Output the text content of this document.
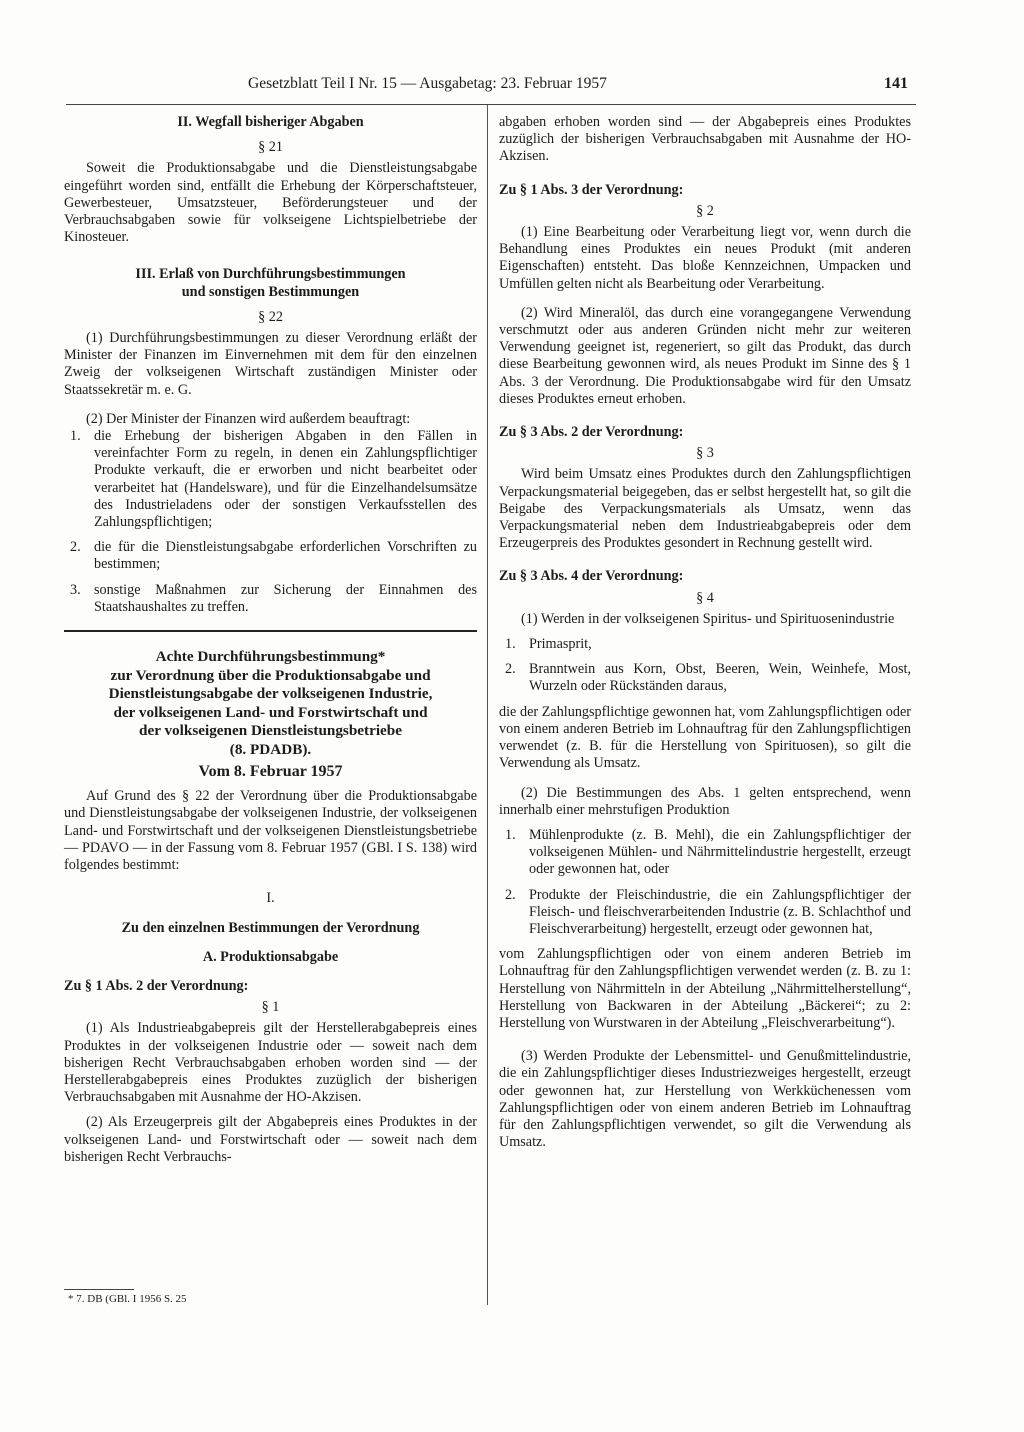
Gesetzblatt Teil I Nr. 15 — Ausgabetag: 23. Februar 1957	141

II. Wegfall bisheriger Abgaben

§ 21

Soweit die Produktionsabgabe und die Dienstleistungsabgabe eingeführt worden sind, entfällt die Erhebung der Körperschaftsteuer, Gewerbesteuer, Umsatzsteuer, Beförderungsteuer und der Verbrauchsabgaben sowie für volkseigene Lichtspielbetriebe der Kinosteuer.

III. Erlaß von Durchführungsbestimmungen

und sonstigen Bestimmungen

§ 22

(1) Durchführungsbestimmungen zu dieser Verordnung erläßt der Minister der Finanzen im Einvernehmen mit dem für den einzelnen Zweig der volkseigenen Wirtschaft zuständigen Minister oder Staatssekretär m. e. G.

(2) Der Minister der Finanzen wird außerdem beauftragt:

1. die Erhebung der bisherigen Abgaben in den Fällen in vereinfachter Form zu regeln, in denen ein Zahlungspflichtiger Produkte verkauft, die er erworben und nicht bearbeitet oder verarbeitet hat (Handelsware), und für die Einzelhandelsumsätze des Industrieladens oder der sonstigen Verkaufsstellen des Zahlungspflichtigen;
2. die für die Dienstleistungsabgabe erforderlichen Vorschriften zu bestimmen;
3. sonstige Maßnahmen zur Sicherung der Einnahmen des Staatshaushaltes zu treffen.

Achte Durchführungsbestimmung*

zur Verordnung über die Produktionsabgabe und

Dienstleistungsabgabe der volkseigenen Industrie,

der volkseigenen Land- und Forstwirtschaft und

der volkseigenen Dienstleistungsbetriebe

(8. PDADB).

Vom 8. Februar 1957

Auf Grund des § 22 der Verordnung über die Produktionsabgabe und Dienstleistungsabgabe der volkseigenen Industrie, der volkseigenen Land- und Forstwirtschaft und der volkseigenen Dienstleistungsbetriebe — PDAVO — in der Fassung vom 8. Februar 1957 (GBl. I S. 138) wird folgendes bestimmt:

I.

Zu den einzelnen Bestimmungen der Verordnung

A. Produktionsabgabe

Zu § 1 Abs. 2 der Verordnung:

§ 1

(1) Als Industrieabgabepreis gilt der Herstellerabgabepreis eines Produktes in der volkseigenen Industrie oder — soweit nach dem bisherigen Recht Verbrauchsabgaben erhoben worden sind — der Herstellerabgabepreis eines Produktes zuzüglich der bisherigen Verbrauchsabgaben mit Ausnahme der HO-Akzisen.

(2) Als Erzeugerpreis gilt der Abgabepreis eines Produktes in der volkseigenen Land- und Forstwirtschaft oder — soweit nach dem bisherigen Recht Verbrauchs-

* 7. DB (GBl. I 1956 S. 25

abgaben erhoben worden sind — der Abgabepreis eines Produktes zuzüglich der bisherigen Verbrauchsabgaben mit Ausnahme der HO-Akzisen.

Zu § 1 Abs. 3 der Verordnung:

§ 2

(1) Eine Bearbeitung oder Verarbeitung liegt vor, wenn durch die Behandlung eines Produktes ein neues Produkt (mit anderen Eigenschaften) entsteht. Das bloße Kennzeichnen, Umpacken und Umfüllen gelten nicht als Bearbeitung oder Verarbeitung.

(2) Wird Mineralöl, das durch eine vorangegangene Verwendung verschmutzt oder aus anderen Gründen nicht mehr zur weiteren Verwendung geeignet ist, regeneriert, so gilt das Produkt, das durch diese Bearbeitung gewonnen wird, als neues Produkt im Sinne des § 1 Abs. 3 der Verordnung. Die Produktionsabgabe wird für den Umsatz dieses Produktes erneut erhoben.

Zu § 3 Abs. 2 der Verordnung:

§ 3

Wird beim Umsatz eines Produktes durch den Zahlungspflichtigen Verpackungsmaterial beigegeben, das er selbst hergestellt hat, so gilt die Beigabe des Verpackungsmaterials als Umsatz, wenn das Verpackungsmaterial neben dem Industrieabgabepreis oder dem Erzeugerpreis des Produktes gesondert in Rechnung gestellt wird.

Zu § 3 Abs. 4 der Verordnung:

§ 4

(1) Werden in der volkseigenen Spiritus- und Spirituosenindustrie

1. Primasprit,
2. Branntwein aus Korn, Obst, Beeren, Wein, Weinhefe, Most, Wurzeln oder Rückständen daraus,

die der Zahlungspflichtige gewonnen hat, vom Zahlungspflichtigen oder von einem anderen Betrieb im Lohnauftrag für den Zahlungspflichtigen verwendet (z. B. für die Herstellung von Spirituosen), so gilt die Verwendung als Umsatz.

(2) Die Bestimmungen des Abs. 1 gelten entsprechend, wenn innerhalb einer mehrstufigen Produktion

1. Mühlenprodukte (z. B. Mehl), die ein Zahlungspflichtiger der volkseigenen Mühlen- und Nährmittelindustrie hergestellt, erzeugt oder gewonnen hat, oder
2. Produkte der Fleischindustrie, die ein Zahlungspflichtiger der Fleisch- und fleischverarbeitenden Industrie (z. B. Schlachthof und Fleischverarbeitung) hergestellt, erzeugt oder gewonnen hat,

vom Zahlungspflichtigen oder von einem anderen Betrieb im Lohnauftrag für den Zahlungspflichtigen verwendet werden (z. B. zu 1: Herstellung von Nährmitteln in der Abteilung „Nährmittelherstellung“, Herstellung von Backwaren in der Abteilung „Bäckerei“; zu 2: Herstellung von Wurstwaren in der Abteilung „Fleischverarbeitung“).

(3) Werden Produkte der Lebensmittel- und Genußmittelindustrie, die ein Zahlungspflichtiger dieses Industriezweiges hergestellt, erzeugt oder gewonnen hat, zur Herstellung von Werkküchenessen vom Zahlungspflichtigen oder von einem anderen Betrieb im Lohnauftrag für den Zahlungspflichtigen verwendet, so gilt die Verwendung als Umsatz.
